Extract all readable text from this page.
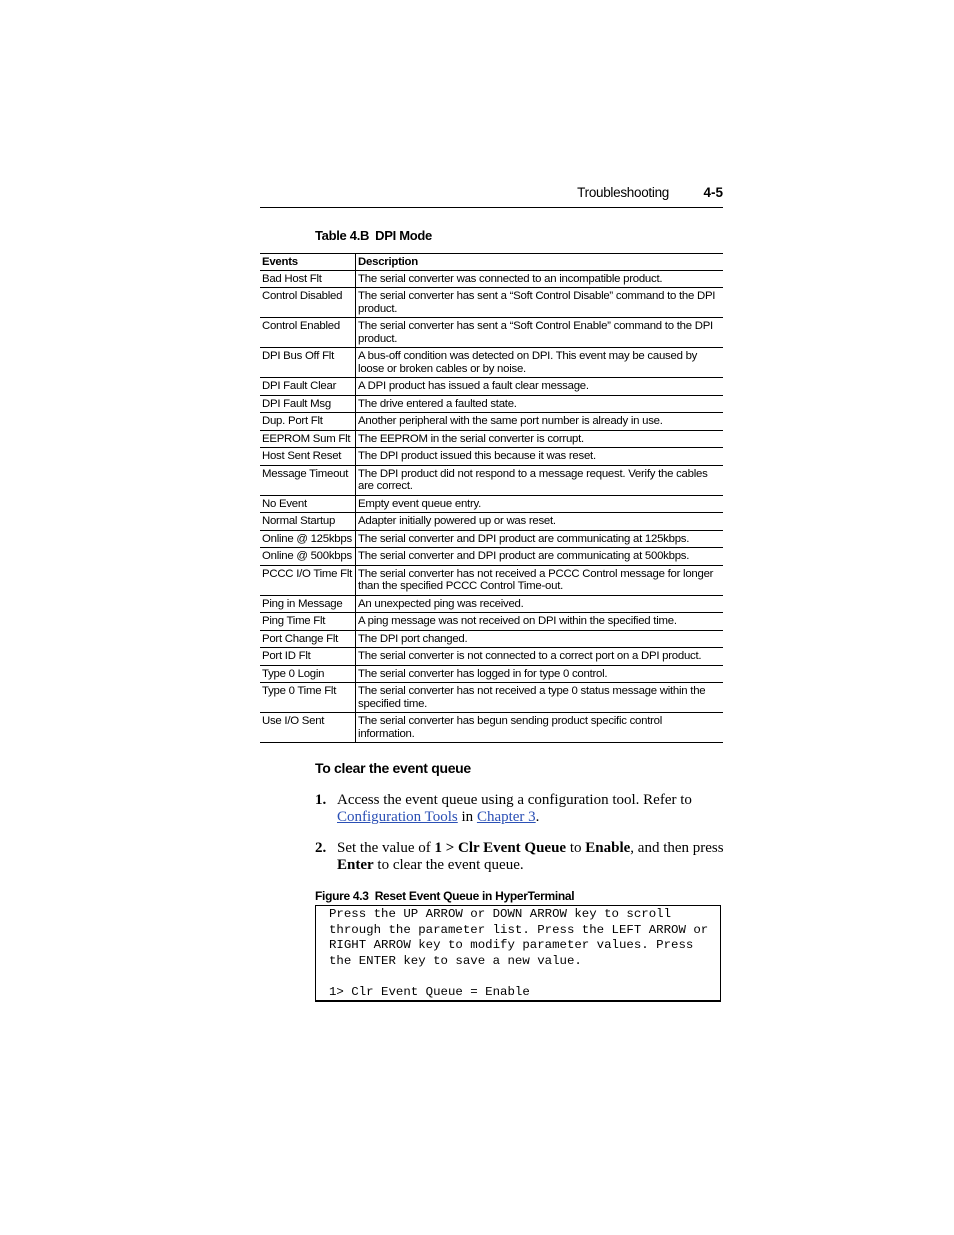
Troubleshooting	4-5
Table 4.B DPI Mode
Events	Description
Bad Host Flt	The serial converter was connected to an incompatible product.
Control Disabled	The serial converter has sent a “Soft Control Disable” command to the DPI product.
Control Enabled	The serial converter has sent a “Soft Control Enable” command to the DPI product.
DPI Bus Off Flt	A bus-off condition was detected on DPI. This event may be caused by loose or broken cables or by noise.
DPI Fault Clear	A DPI product has issued a fault clear message.
DPI Fault Msg	The drive entered a faulted state.
Dup. Port Flt	Another peripheral with the same port number is already in use.
EEPROM Sum Flt	The EEPROM in the serial converter is corrupt.
Host Sent Reset	The DPI product issued this because it was reset.
Message Timeout	The DPI product did not respond to a message request. Verify the cables are correct.
No Event	Empty event queue entry.
Normal Startup	Adapter initially powered up or was reset.
Online @ 125kbps	The serial converter and DPI product are communicating at 125kbps.
Online @ 500kbps	The serial converter and DPI product are communicating at 500kbps.
PCCC I/O Time Flt	The serial converter has not received a PCCC Control message for longer than the specified PCCC Control Time-out.
Ping in Message	An unexpected ping was received.
Ping Time Flt	A ping message was not received on DPI within the specified time.
Port Change Flt	The DPI port changed.
Port ID Flt	The serial converter is not connected to a correct port on a DPI product.
Type 0 Login	The serial converter has logged in for type 0 control.
Type 0 Time Flt	The serial converter has not received a type 0 status message within the specified time.
Use I/O Sent	The serial converter has begun sending product specific control information.
To clear the event queue
1. Access the event queue using a configuration tool. Refer to Configuration Tools in Chapter 3.
2. Set the value of 1 > Clr Event Queue to Enable, and then press Enter to clear the event queue.
Figure 4.3 Reset Event Queue in HyperTerminal
Press the UP ARROW or DOWN ARROW key to scroll
through the parameter list. Press the LEFT ARROW or
RIGHT ARROW key to modify parameter values. Press
the ENTER key to save a new value.

1> Clr Event Queue = Enable
